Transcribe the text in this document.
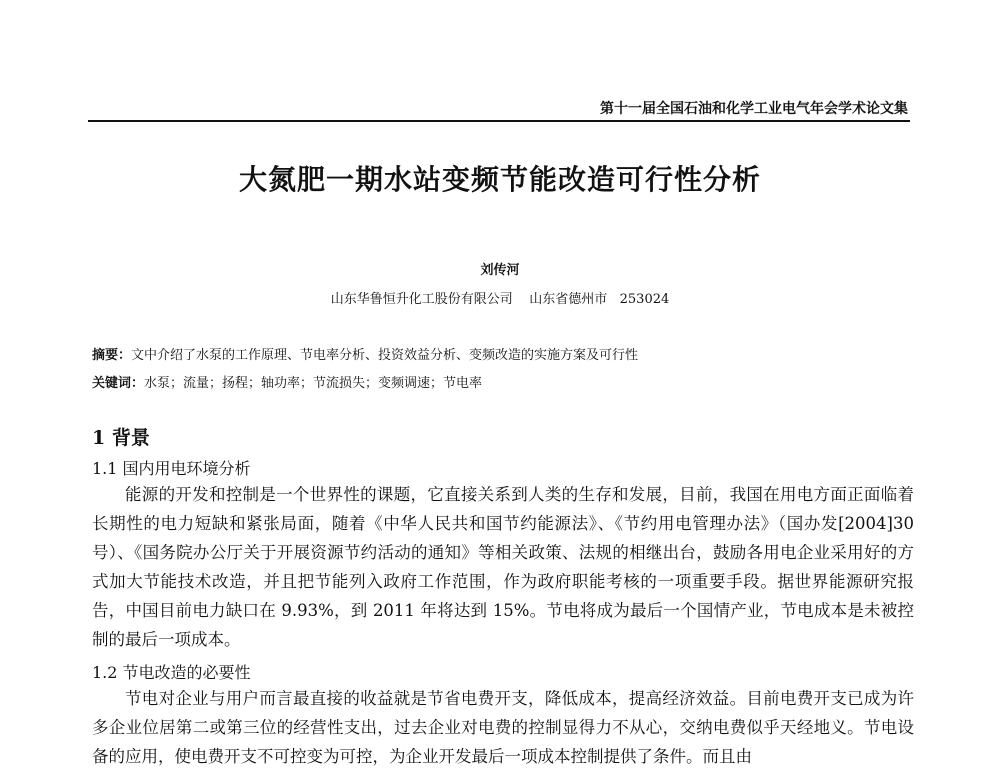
第十一届全国石油和化学工业电气年会学术论文集
大氮肥一期水站变频节能改造可行性分析
刘传河
山东华鲁恒升化工股份有限公司    山东省德州市   253024
摘要：文中介绍了水泵的工作原理、节电率分析、投资效益分析、变频改造的实施方案及可行性
关键词：水泵；流量；扬程；轴功率；节流损失；变频调速；节电率
1 背景
1.1 国内用电环境分析

能源的开发和控制是一个世界性的课题，它直接关系到人类的生存和发展，目前，我国在用电方面正面临着长期性的电力短缺和紧张局面，随着《中华人民共和国节约能源法》、《节约用电管理办法》（国办发[2004]30 号）、《国务院办公厅关于开展资源节约活动的通知》等相关政策、法规的相继出台，鼓励各用电企业采用好的方式加大节能技术改造，并且把节能列入政府工作范围，作为政府职能考核的一项重要手段。据世界能源研究报告，中国目前电力缺口在 9.93%，到 2011 年将达到 15%。节电将成为最后一个国情产业，节电成本是未被控制的最后一项成本。

1.2 节电改造的必要性

节电对企业与用户而言最直接的收益就是节省电费开支，降低成本，提高经济效益。目前电费开支已成为许多企业位居第二或第三位的经营性支出，过去企业对电费的控制显得力不从心，交纳电费似乎天经地义。节电设备的应用，使电费开支不可控变为可控，为企业开发最后一项成本控制提供了条件。而且由
